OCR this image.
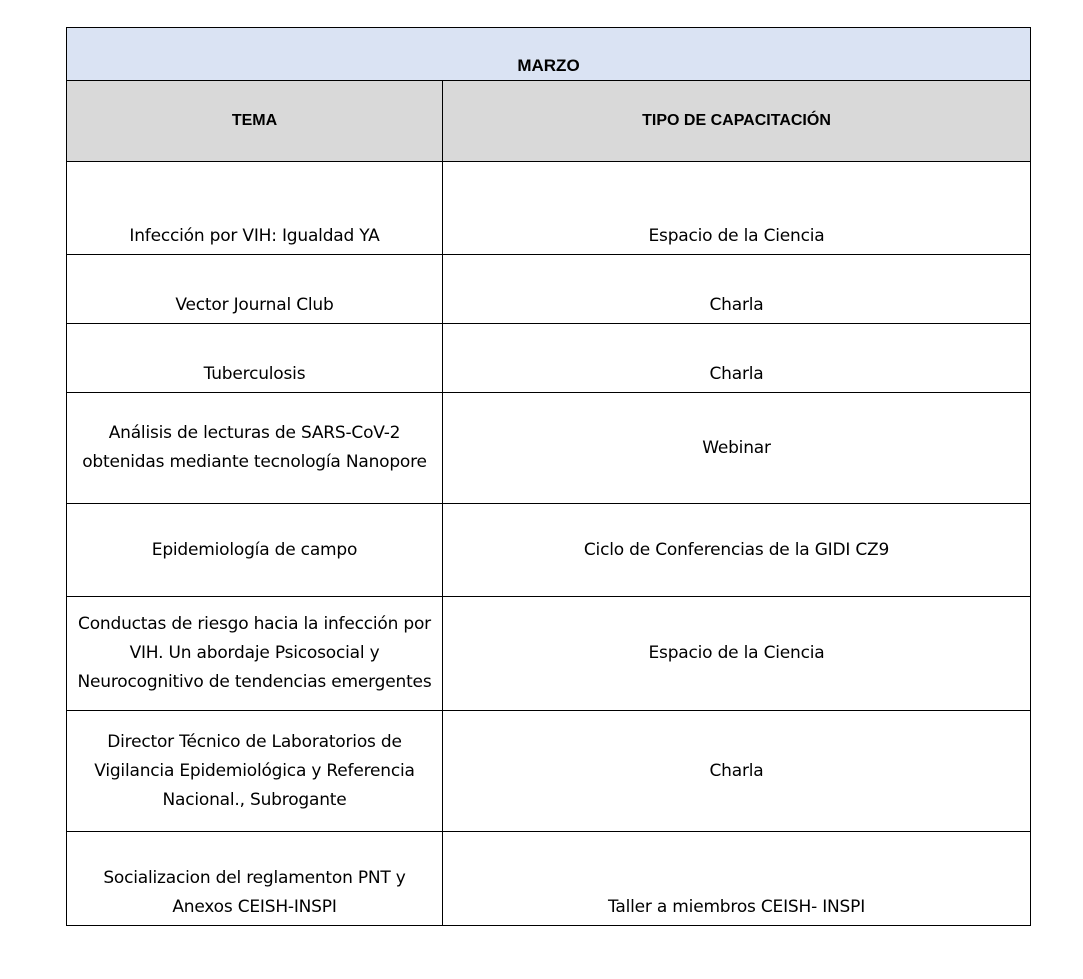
MARZO	
TEMA	TIPO DE CAPACITACIÓN
Infección por VIH: Igualdad YA	Espacio de la Ciencia
Vector Journal Club	Charla
Tuberculosis	Charla
Análisis de lecturas de SARS-CoV-2 obtenidas mediante tecnología Nanopore	Webinar
Epidemiología de campo	Ciclo de Conferencias de la GIDI CZ9
Conductas de riesgo hacia la infección por VIH. Un abordaje Psicosocial y Neurocognitivo de tendencias emergentes	Espacio de la Ciencia
Director Técnico de Laboratorios de Vigilancia Epidemiológica y Referencia Nacional., Subrogante	Charla
Socializacion del reglamenton PNT y Anexos CEISH-INSPI	Taller a miembros CEISH- INSPI
